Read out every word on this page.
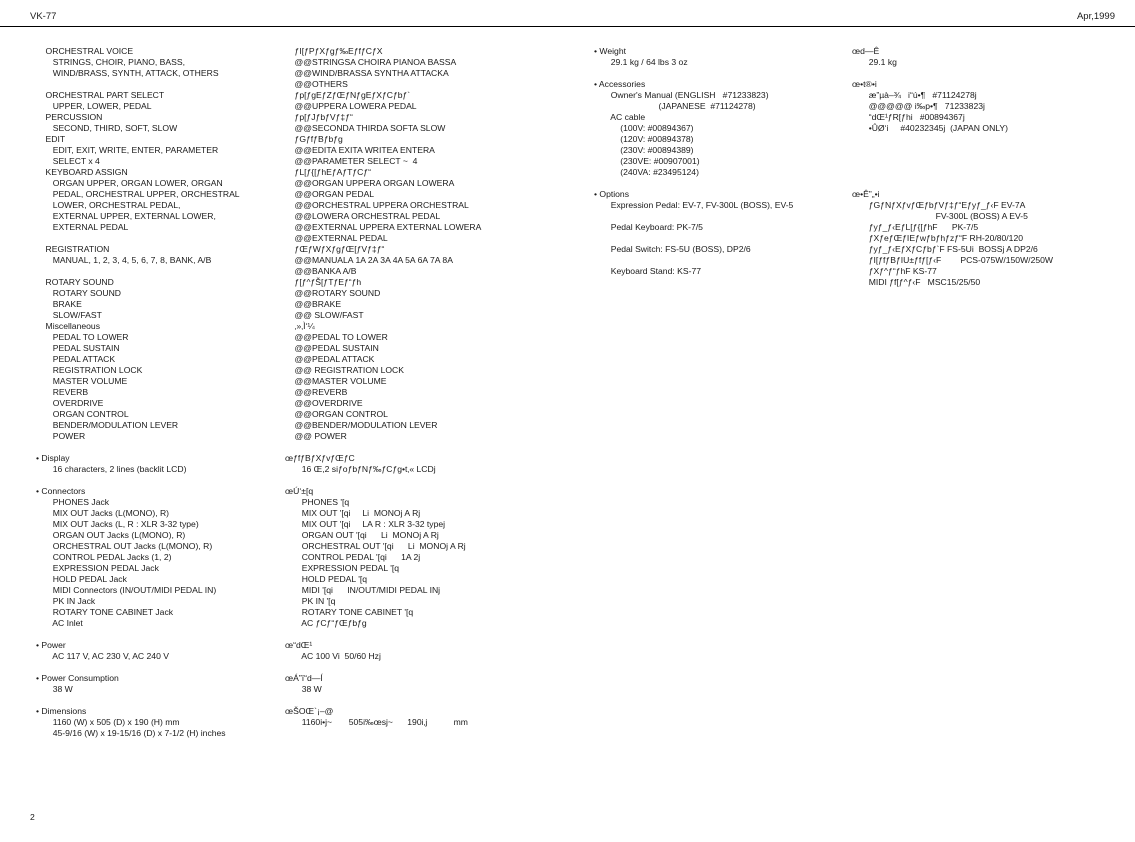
VK-77	Apr,1999
ORCHESTRAL VOICE
STRINGS, CHOIR, PIANO, BASS,
WIND/BRASS, SYNTH, ATTACK, OTHERS
ORCHESTRAL PART SELECT
UPPER, LOWER, PEDAL
PERCUSSION
SECOND, THIRD, SOFT, SLOW
EDIT
EDIT, EXIT, WRITE, ENTER, PARAMETER
SELECT x 4
KEYBOARD ASSIGN
ORGAN UPPER, ORGAN LOWER, ORGAN
PEDAL, ORCHESTRAL UPPER, ORCHESTRAL
LOWER, ORCHESTRAL PEDAL,
EXTERNAL UPPER, EXTERNAL LOWER,
EXTERNAL PEDAL
REGISTRATION
MANUAL, 1, 2, 3, 4, 5, 6, 7, 8, BANK, A/B
ROTARY SOUND
ROTARY SOUND
BRAKE
SLOW/FAST
Miscellaneous
PEDAL TO LOWER
PEDAL SUSTAIN
PEDAL ATTACK
REGISTRATION LOCK
MASTER VOLUME
REVERB
OVERDRIVE
ORGAN CONTROL
BENDER/MODULATION LEVER
POWER
• Display
16 characters, 2 lines (backlit LCD)
• Connectors
PHONES Jack
MIX OUT Jacks (L(MONO), R)
MIX OUT Jacks (L, R : XLR 3-32 type)
ORGAN OUT Jacks (L(MONO), R)
ORCHESTRAL OUT Jacks (L(MONO), R)
CONTROL PEDAL Jacks (1, 2)
EXPRESSION PEDAL Jack
HOLD PEDAL Jack
MIDI Connectors (IN/OUT/MIDI PEDAL IN)
PK IN Jack
ROTARY TONE CABINET Jack
AC Inlet
• Power
AC 117 V, AC 230 V, AC 240 V
• Power Consumption
38 W
• Dimensions
1160 (W) x 505 (D) x 190 (H) mm
45-9/16 (W) x 19-15/16 (D) x 7-1/2 (H) inches
ƒI[ƒPƒXƒgƒ‰EƒfƒCƒX
@@STRINGSA CHOIRA PIANOA BASSA
@@WIND/BRASSA SYNTHA ATTACKA
@@OTHERS
ƒp[ƒgEƒZƒŒƒNƒgEƒXƒCƒbƒ`
@@UPPERA LOWERA PEDAL
ƒp[ƒJƒbƒVƒ‡ƒ“
@@SECONDA THIRDA SOFTA SLOW
ƒGƒfƒBƒbƒg
@@EDITA EXITA WRITEA ENTERA
@@PARAMETER SELECT ~  4
ƒL[ƒ{[ƒhEƒAƒTƒCƒ“
@@ORGAN UPPERA ORGAN LOWERA
@@ORGAN PEDAL
@@ORCHESTRAL UPPERA ORCHESTRAL
@@LOWERA ORCHESTRAL PEDAL
@@EXTERNAL UPPERA EXTERNAL LOWERA
@@EXTERNAL PEDAL
ƒŒƒWƒXƒgƒŒ[ƒVƒ‡ƒ“
@@MANUALA 1A 2A 3A 4A 5A 6A 7A 8A
@@BANKA A/B
ƒ[ƒ^ƒŠ[ƒTƒEƒ“ƒh
@@ROTARY SOUND
@@BRAKE
@@ SLOW/FAST
‚»‚Ì‘¼
@@PEDAL TO LOWER
@@PEDAL SUSTAIN
@@PEDAL ATTACK
@@ REGISTRATION LOCK
@@MASTER VOLUME
@@REVERB
@@OVERDRIVE
@@ORGAN CONTROL
@@BENDER/MODULATION LEVER
@@ POWER
œƒfƒBƒXƒvƒŒƒC
16 Œ,2 siƒoƒbƒNƒ‰ƒCƒg•t‚« LCDj
œÚ‘±[q
PHONES '[q
MIX OUT '[qi     Li  MONOj A Rj
MIX OUT '[qi     LA R : XLR 3-32 typej
ORGAN OUT '[qi      Li  MONOj A Rj
ORCHESTRAL OUT '[qi      Li  MONOj A Rj
CONTROL PEDAL '[qi      1A 2j
EXPRESSION PEDAL '[q
HOLD PEDAL '[q
MIDI '[qi      IN/OUT/MIDI PEDAL INj
PK IN '[q
ROTARY TONE CABINET '[q
AC ƒCƒ“ƒŒƒbƒg
œ“dŒ¹
AC 100 Vi  50/60 Hzj
œÁ”ï“d—Í
38 W
œŠOŒ`¡–@
1160i•j~       505i‰œsj~      190i‚j           mm
• Weight
29.1 kg / 64 lbs 3 oz
• Accessories
Owner's Manual (ENGLISH   #71233823)
(JAPANESE  #71124278)
AC cable
(100V: #00894367)
(120V: #00894378)
(230V: #00894389)
(230VE: #00907001)
(240VA: #23495124)
• Options
Expression Pedal: EV-7, FV-300L (BOSS), EV-5
Pedal Keyboard: PK-7/5
Pedal Switch: FS-5U (BOSS), DP2/6
Keyboard Stand: KS-77
œd—Ê
29.1 kg
œ•t®•i
æ”µà–¾   i“ú•¶   #71124278j
@@@@@ i‰p•¶   71233823j
“dŒ¹ƒR[ƒhi   #00894367j
•ÛØ‘i     #40232345j  (JAPAN ONLY)
œ•Ê”„•i
ƒGƒNƒXƒvƒŒƒbƒVƒ‡ƒ“Eƒyƒ_ƒ‹F EV-7A
FV-300L (BOSS) A EV-5
ƒyƒ_ƒ‹EƒL[ƒ{[ƒhF      PK-7/5
ƒXƒeƒŒƒIEƒwƒbƒhƒzƒ“F RH-20/80/120
ƒyƒ_ƒ‹EƒXƒCƒbƒ`F FS-5Ui  BOSSj A DP2/6
ƒI[ƒfƒBƒIU±ƒfƒ[ƒ‹F        PCS-075W/150W/250W
ƒXƒ^ƒ“ƒhF KS-77
MIDI ƒf[ƒ^ƒ‹F   MSC15/25/50
2
